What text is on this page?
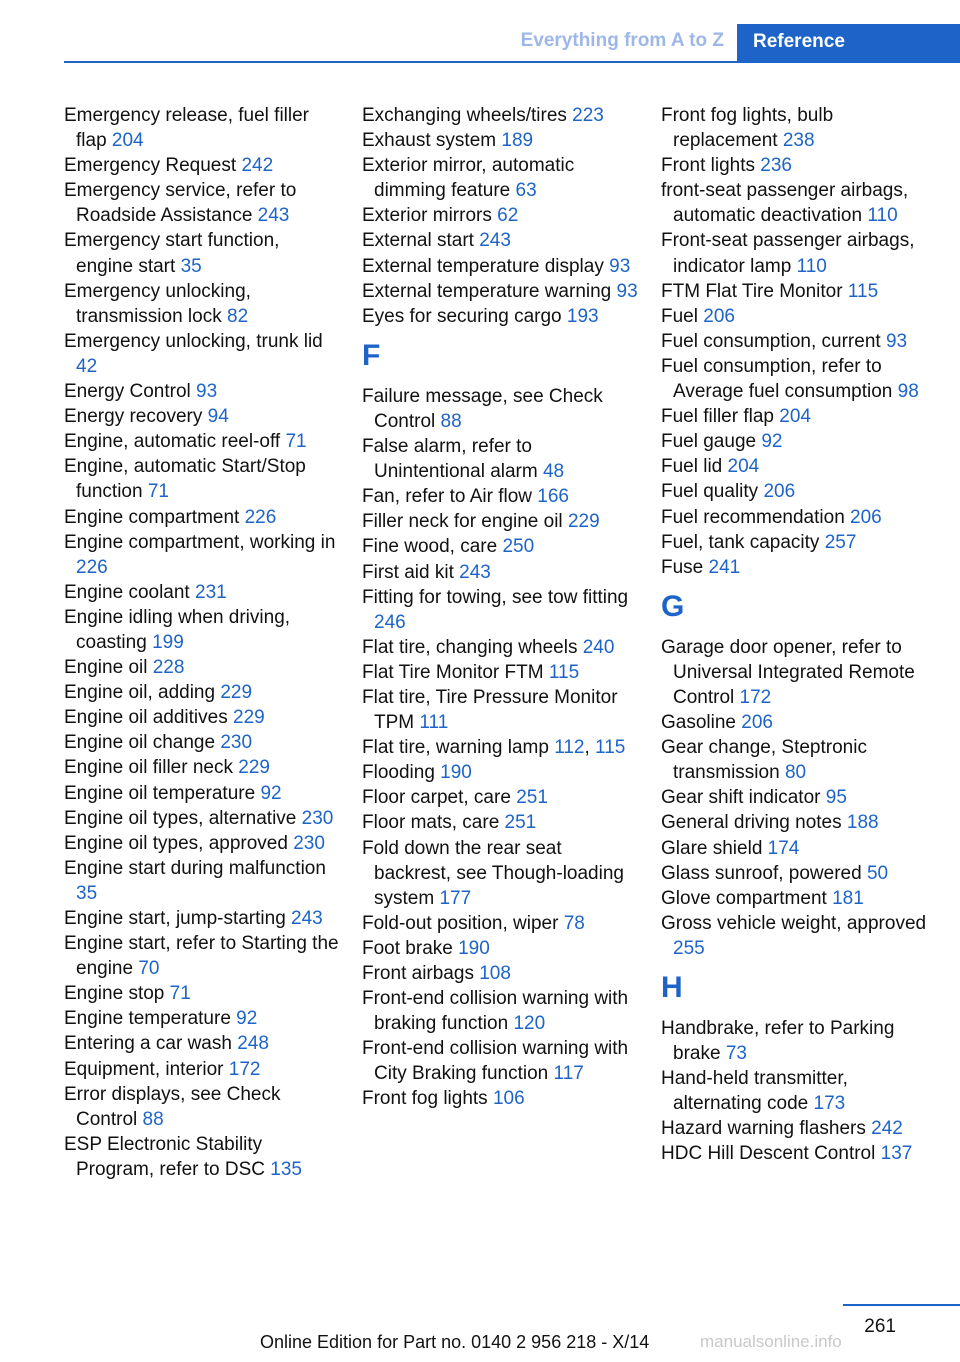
Everything from A to Z	Reference
Emergency release, fuel filler flap 204
Emergency Request 242
Emergency service, refer to Roadside Assistance 243
Emergency start function, engine start 35
Emergency unlocking, transmission lock 82
Emergency unlocking, trunk lid 42
Energy Control 93
Energy recovery 94
Engine, automatic reel-off 71
Engine, automatic Start/Stop function 71
Engine compartment 226
Engine compartment, working in 226
Engine coolant 231
Engine idling when driving, coasting 199
Engine oil 228
Engine oil, adding 229
Engine oil additives 229
Engine oil change 230
Engine oil filler neck 229
Engine oil temperature 92
Engine oil types, alternative 230
Engine oil types, approved 230
Engine start during malfunction 35
Engine start, jump-starting 243
Engine start, refer to Starting the engine 70
Engine stop 71
Engine temperature 92
Entering a car wash 248
Equipment, interior 172
Error displays, see Check Control 88
ESP Electronic Stability Program, refer to DSC 135
Exchanging wheels/tires 223
Exhaust system 189
Exterior mirror, automatic dimming feature 63
Exterior mirrors 62
External start 243
External temperature display 93
External temperature warning 93
Eyes for securing cargo 193
F
Failure message, see Check Control 88
False alarm, refer to Unintentional alarm 48
Fan, refer to Air flow 166
Filler neck for engine oil 229
Fine wood, care 250
First aid kit 243
Fitting for towing, see tow fitting 246
Flat tire, changing wheels 240
Flat Tire Monitor FTM 115
Flat tire, Tire Pressure Monitor TPM 111
Flat tire, warning lamp 112, 115
Flooding 190
Floor carpet, care 251
Floor mats, care 251
Fold down the rear seat backrest, see Though-loading system 177
Fold-out position, wiper 78
Foot brake 190
Front airbags 108
Front-end collision warning with braking function 120
Front-end collision warning with City Braking function 117
Front fog lights 106
Front fog lights, bulb replacement 238
Front lights 236
front-seat passenger airbags, automatic deactivation 110
Front-seat passenger airbags, indicator lamp 110
FTM Flat Tire Monitor 115
Fuel 206
Fuel consumption, current 93
Fuel consumption, refer to Average fuel consumption 98
Fuel filler flap 204
Fuel gauge 92
Fuel lid 204
Fuel quality 206
Fuel recommendation 206
Fuel, tank capacity 257
Fuse 241
G
Garage door opener, refer to Universal Integrated Remote Control 172
Gasoline 206
Gear change, Steptronic transmission 80
Gear shift indicator 95
General driving notes 188
Glare shield 174
Glass sunroof, powered 50
Glove compartment 181
Gross vehicle weight, approved 255
H
Handbrake, refer to Parking brake 73
Hand-held transmitter, alternating code 173
Hazard warning flashers 242
HDC Hill Descent Control 137
261
Online Edition for Part no. 0140 2 956 218 - X/14	manualsonline.info
